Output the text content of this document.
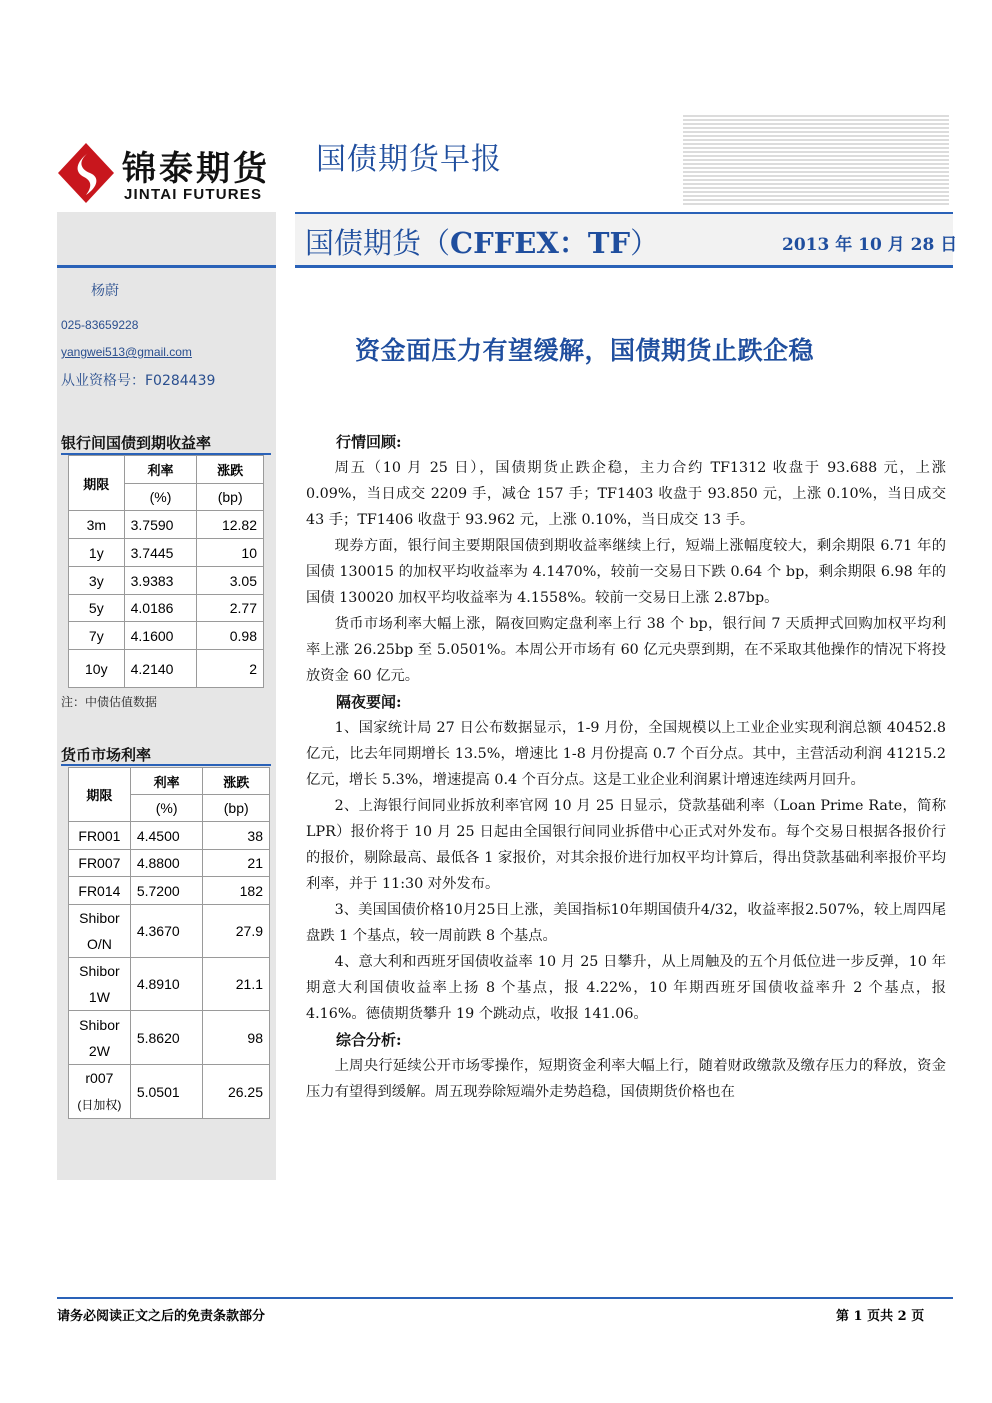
锦泰期货
JINTAI FUTURES
国债期货早报
国债期货（CFFEX：TF）	2013 年 10 月 28 日
杨蔚
025-83659228
yangwei513@gmail.com
从业资格号：F0284439
银行间国债到期收益率
期限	利率	涨跌
	(%)	(bp)
3m	3.7590	12.82
1y	3.7445	10
3y	3.9383	3.05
5y	4.0186	2.77
7y	4.1600	0.98
10y	4.2140	2
注：中债估值数据
货币市场利率
期限	利率	涨跌
	(%)	(bp)
FR001	4.4500	38
FR007	4.8800	21
FR014	5.7200	182
Shibor
O/N	4.3670	27.9
Shibor
1W	4.8910	21.1
Shibor
2W	5.8620	98
r007
(日加权)	5.0501	26.25
资金面压力有望缓解，国债期货止跌企稳

行情回顾:

周五（10 月 25 日），国债期货止跌企稳，主力合约 TF1312 收盘于 93.688 元，上涨 0.09%，当日成交 2209 手，减仓 157 手；TF1403 收盘于 93.850 元，上涨 0.10%，当日成交 43 手；TF1406 收盘于 93.962 元，上涨 0.10%，当日成交 13 手。

现券方面，银行间主要期限国债到期收益率继续上行，短端上涨幅度较大，剩余期限 6.71 年的国债 130015 的加权平均收益率为 4.1470%，较前一交易日下跌 0.64 个 bp，剩余期限 6.98 年的国债 130020 加权平均收益率为 4.1558%。较前一交易日上涨 2.87bp。

货币市场利率大幅上涨，隔夜回购定盘利率上行 38 个 bp，银行间 7 天质押式回购加权平均利率上涨 26.25bp 至 5.0501%。本周公开市场有 60 亿元央票到期，在不采取其他操作的情况下将投放资金 60 亿元。

隔夜要闻:

1、国家统计局 27 日公布数据显示，1-9 月份，全国规模以上工业企业实现利润总额 40452.8 亿元，比去年同期增长 13.5%，增速比 1-8 月份提高 0.7 个百分点。其中，主营活动利润 41215.2 亿元，增长 5.3%，增速提高 0.4 个百分点。这是工业企业利润累计增速连续两月回升。

2、上海银行间同业拆放利率官网 10 月 25 日显示，贷款基础利率（Loan Prime Rate，简称 LPR）报价将于 10 月 25 日起由全国银行间同业拆借中心正式对外发布。每个交易日根据各报价行的报价，剔除最高、最低各 1 家报价，对其余报价进行加权平均计算后，得出贷款基础利率报价平均利率，并于 11:30 对外发布。

3、美国国债价格10月25日上涨，美国指标10年期国债升4/32，收益率报2.507%，较上周四尾盘跌 1 个基点，较一周前跌 8 个基点。

4、意大利和西班牙国债收益率 10 月 25 日攀升，从上周触及的五个月低位进一步反弹，10 年期意大利国债收益率上扬 8 个基点，报 4.22%，10 年期西班牙国债收益率升 2 个基点，报 4.16%。德债期货攀升 19 个跳动点，收报 141.06。

综合分析:

上周央行延续公开市场零操作，短期资金利率大幅上行，随着财政缴款及缴存压力的释放，资金压力有望得到缓解。周五现券除短端外走势趋稳，国债期货价格也在

请务必阅读正文之后的免责条款部分	第 1 页共 2 页
